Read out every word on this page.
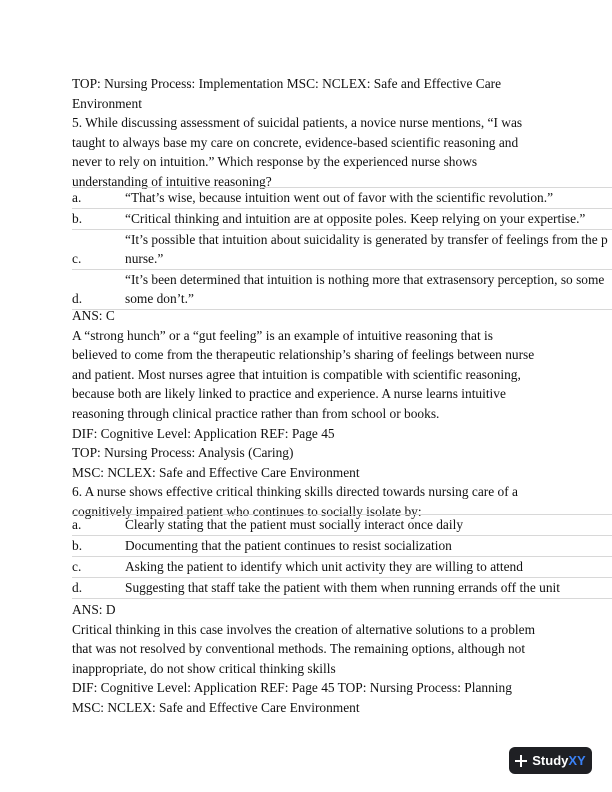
TOP: Nursing Process: Implementation MSC: NCLEX: Safe and Effective Care
Environment
5. While discussing assessment of suicidal patients, a novice nurse mentions, “I was
taught to always base my care on concrete, evidence-based scientific reasoning and
never to rely on intuition.” Which response by the experienced nurse shows
understanding of intuitive reasoning?
a.	“That’s wise, because intuition went out of favor with the scientific revolution.”

b.	“Critical thinking and intuition are at opposite poles. Keep relying on your expertise.”

c.	“It’s possible that intuition about suicidality is generated by transfer of feelings from the p
nurse.”

d.	“It’s been determined that intuition is nothing more that extrasensory perception, so some
some don’t.”
ANS: C
A “strong hunch” or a “gut feeling” is an example of intuitive reasoning that is
believed to come from the therapeutic relationship’s sharing of feelings between nurse
and patient. Most nurses agree that intuition is compatible with scientific reasoning,
because both are likely linked to practice and experience. A nurse learns intuitive
reasoning through clinical practice rather than from school or books.
DIF: Cognitive Level: Application REF: Page 45
TOP: Nursing Process: Analysis (Caring)
MSC: NCLEX: Safe and Effective Care Environment
6. A nurse shows effective critical thinking skills directed towards nursing care of a
cognitively impaired patient who continues to socially isolate by:
a.	Clearly stating that the patient must socially interact once daily

b.	Documenting that the patient continues to resist socialization

c.	Asking the patient to identify which unit activity they are willing to attend

d.	Suggesting that staff take the patient with them when running errands off the unit
ANS: D
Critical thinking in this case involves the creation of alternative solutions to a problem
that was not resolved by conventional methods. The remaining options, although not
inappropriate, do not show critical thinking skills
DIF: Cognitive Level: Application REF: Page 45 TOP: Nursing Process: Planning
MSC: NCLEX: Safe and Effective Care Environment
StudyXY
